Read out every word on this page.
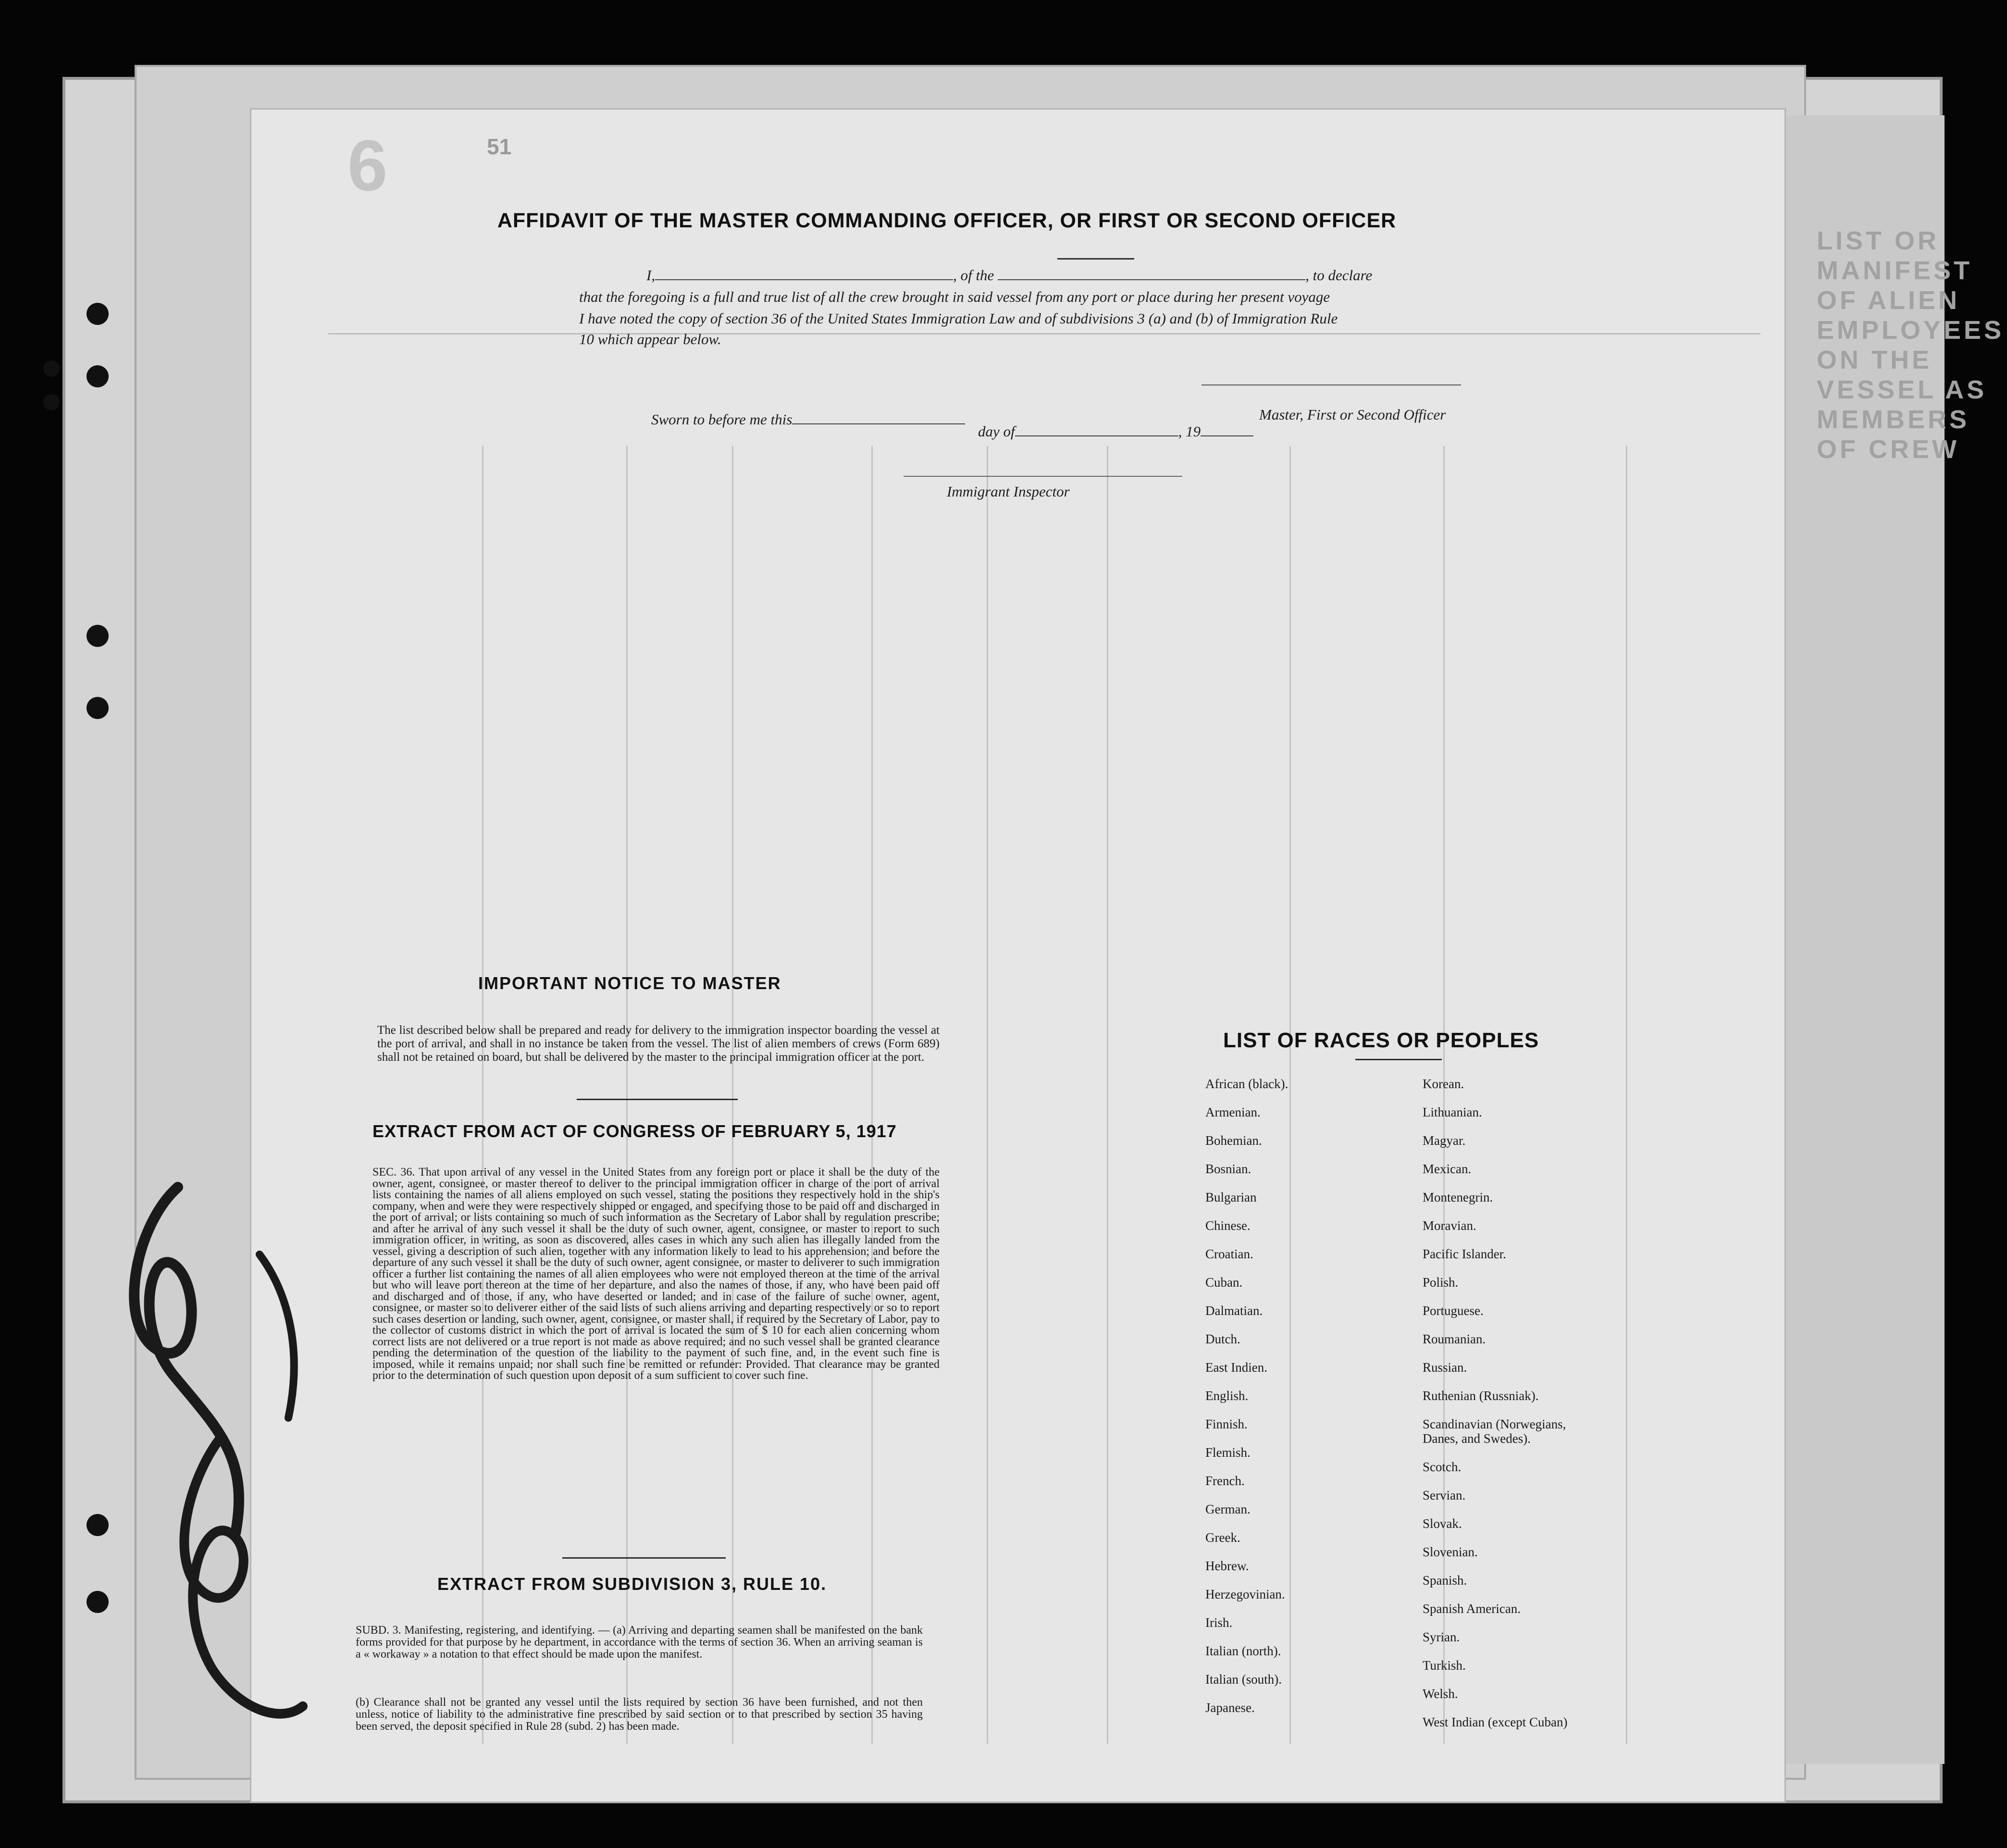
LIST OR MANIFEST OF ALIEN EMPLOYEES ON THE VESSEL AS MEMBERS OF CREW
6	51
AFFIDAVIT OF THE MASTER COMMANDING OFFICER, OR FIRST OR SECOND OFFICER
I,	, of the	, to declare
that the foregoing is a full and true list of all the crew brought in said vessel from any port or place during her present voyage
I have noted the copy of section 36 of the United States Immigration Law and of subdivisions 3 (a) and (b) of Immigration Rule
10 which appear below.
Master, First or Second Officer
Sworn to before me this
day of	, 19
Immigrant Inspector
IMPORTANT NOTICE TO MASTER
The list described below shall be prepared and ready for delivery to the immigration inspector boarding the vessel at the port of arrival, and shall in no instance be taken from the vessel. The list of alien members of crews (Form 689) shall not be retained on board, but shall be delivered by the master to the principal immigration officer at the port.
EXTRACT FROM ACT OF CONGRESS OF FEBRUARY 5, 1917
SEC. 36. That upon arrival of any vessel in the United States from any foreign port or place it shall be the duty of the owner, agent, consignee, or master thereof to deliver to the principal immigration officer in charge of the port of arrival lists containing the names of all aliens employed on such vessel, stating the positions they respectively hold in the ship's company, when and were they were respectively shipped or engaged, and specifying those to be paid off and discharged in the port of arrival; or lists containing so much of such information as the Secretary of Labor shall by regulation prescribe; and after he arrival of any such vessel it shall be the duty of such owner, agent, consignee, or master to report to such immigration officer, in writing, as soon as discovered, alles cases in which any such alien has illegally landed from the vessel, giving a description of such alien, together with any information likely to lead to his apprehension; and before the departure of any such vessel it shall be the duty of such owner, agent consignee, or master to deliverer to such immigration officer a further list containing the names of all alien employees who were not employed thereon at the time of the arrival but who will leave port thereon at the time of her departure, and also the names of those, if any, who have been paid off and discharged and of those, if any, who have deserted or landed; and in case of the failure of suche owner, agent, consignee, or master so to deliverer either of the said lists of such aliens arriving and departing respectively or so to report such cases desertion or landing, such owner, agent, consignee, or master shall, if required by the Secretary of Labor, pay to the collector of customs district in which the port of arrival is located the sum of $ 10 for each alien concerning whom correct lists are not delivered or a true report is not made as above required; and no such vessel shall be granted clearance pending the determination of the question of the liability to the payment of such fine, and, in the event such fine is imposed, while it remains unpaid; nor shall such fine be remitted or refunder: Provided. That clearance may be granted prior to the determination of such question upon deposit of a sum sufficient to cover such fine.
EXTRACT FROM SUBDIVISION 3, RULE 10.
SUBD. 3. Manifesting, registering, and identifying. — (a) Arriving and departing seamen shall be manifested on the bank forms provided for that purpose by he department, in accordance with the terms of section 36. When an arriving seaman is a « workaway » a notation to that effect should be made upon the manifest.
(b) Clearance shall not be granted any vessel until the lists required by section 36 have been furnished, and not then unless, notice of liability to the administrative fine prescribed by said section or to that prescribed by section 35 having been served, the deposit specified in Rule 28 (subd. 2) has been made.
LIST OF RACES OR PEOPLES
African (black).
Armenian.
Bohemian.
Bosnian.
Bulgarian
Chinese.
Croatian.
Cuban.
Dalmatian.
Dutch.
East Indien.
English.
Finnish.
Flemish.
French.
German.
Greek.
Hebrew.
Herzegovinian.
Irish.
Italian (north).
Italian (south).
Japanese.
Korean.
Lithuanian.
Magyar.
Mexican.
Montenegrin.
Moravian.
Pacific Islander.
Polish.
Portuguese.
Roumanian.
Russian.
Ruthenian (Russniak).
Scandinavian (Norwegians, Danes, and Swedes).
Scotch.
Servian.
Slovak.
Slovenian.
Spanish.
Spanish American.
Syrian.
Turkish.
Welsh.
West Indian (except Cuban)
